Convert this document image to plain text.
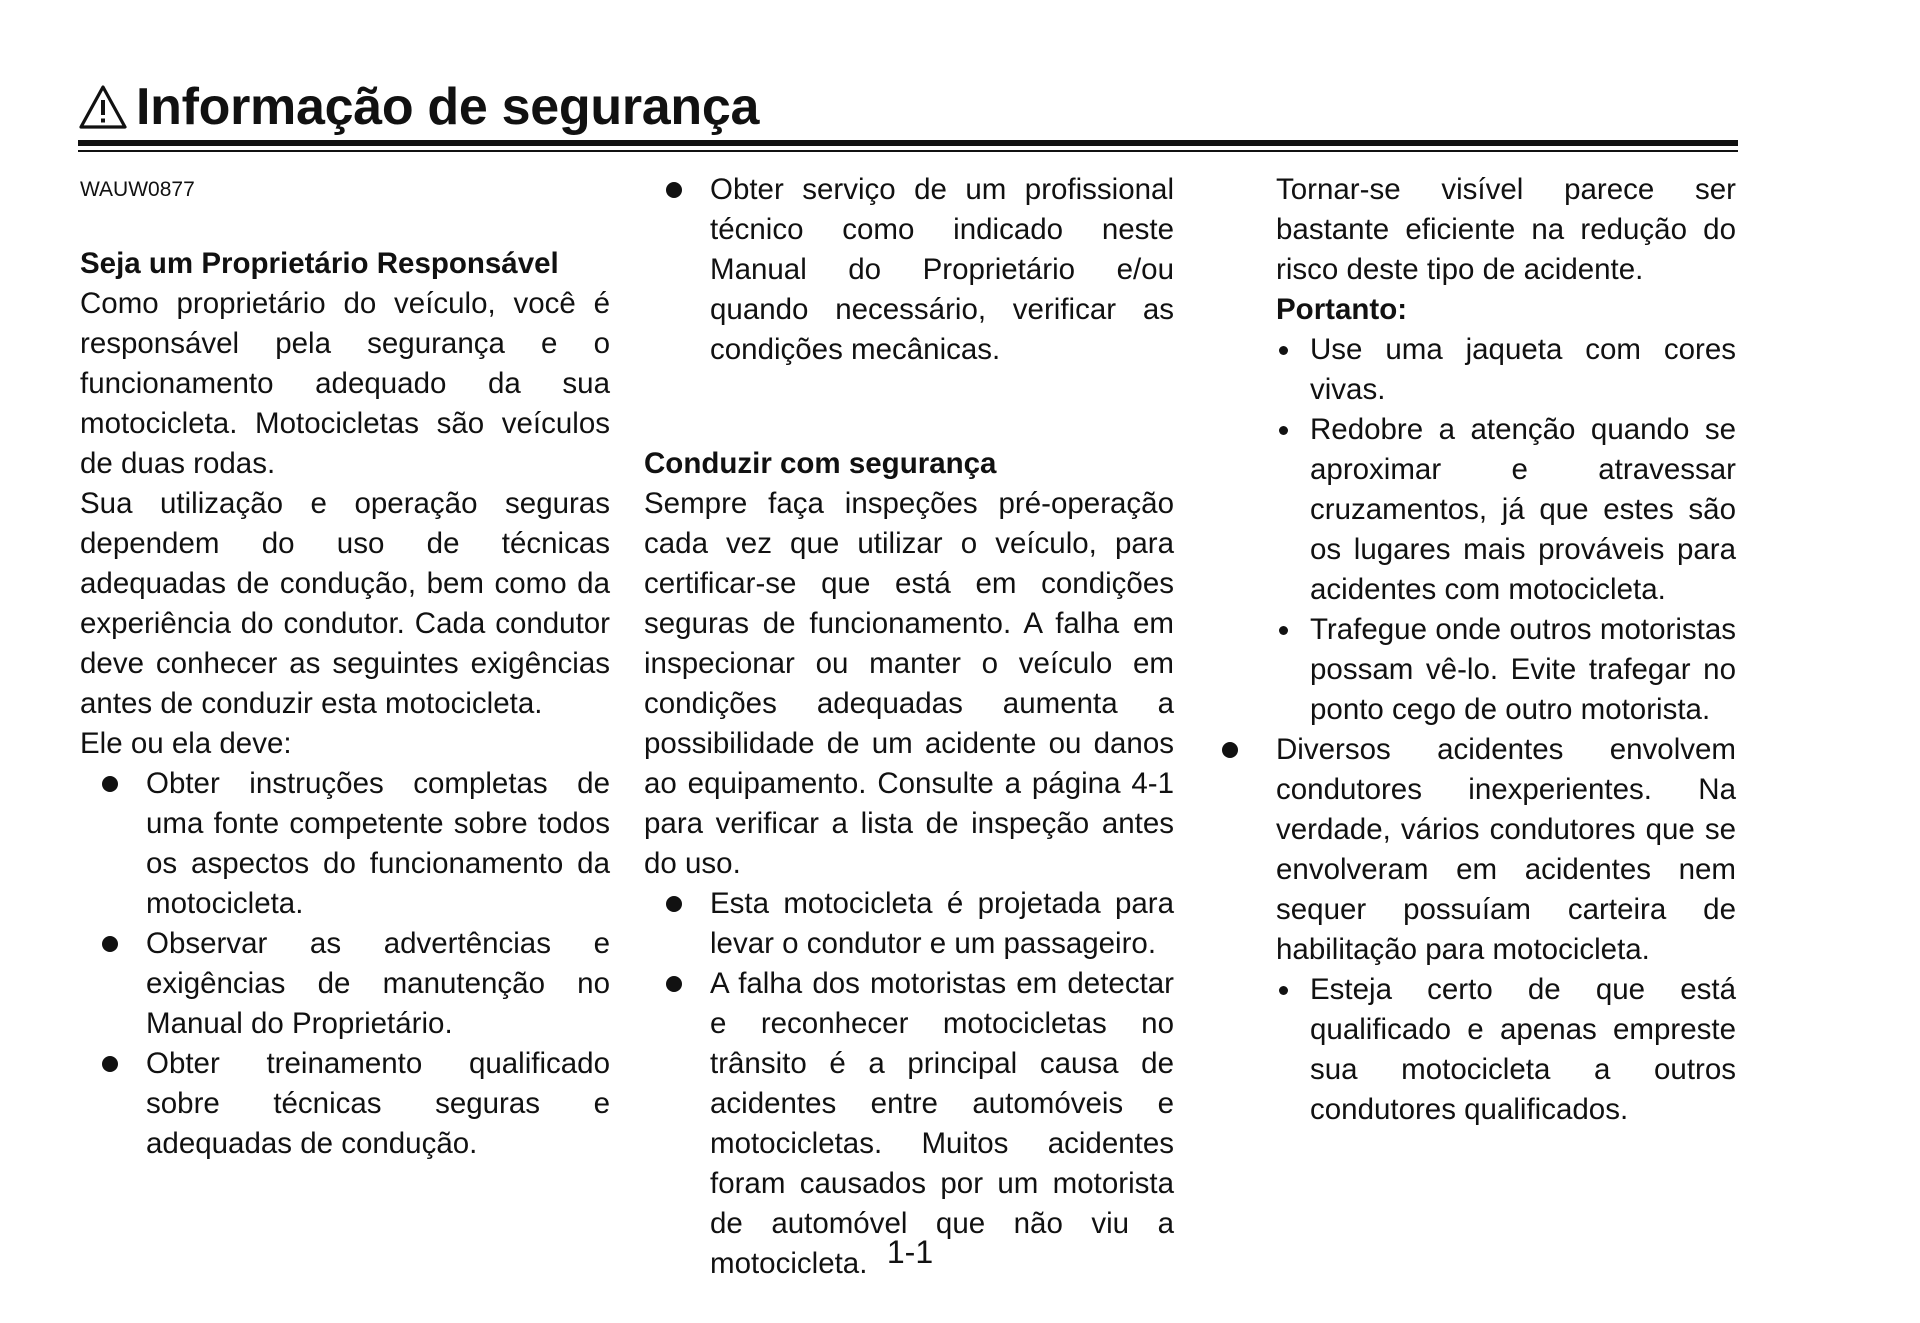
Informação de segurança

WAUW0877

Seja um Proprietário Responsável

Como proprietário do veículo, você é responsável pela segurança e o funcionamento adequado da sua motocicleta. Motocicletas são veículos de duas rodas.

Sua utilização e operação seguras dependem do uso de técnicas adequadas de condução, bem como da experiência do condutor. Cada condutor deve conhecer as seguintes exigências antes de conduzir esta motocicleta.

Ele ou ela deve:

Obter instruções completas de uma fonte competente sobre todos os aspectos do funcionamento da motocicleta.
Observar as advertências e exigências de manutenção no Manual do Proprietário.
Obter treinamento qualificado sobre técnicas seguras e adequadas de condução.
Obter serviço de um profissional técnico como indicado neste Manual do Proprietário e/ou quando necessário, verificar as condições mecânicas.

Conduzir com segurança

Sempre faça inspeções pré-operação cada vez que utilizar o veículo, para certificar-se que está em condições seguras de funcionamento. A falha em inspecionar ou manter o veículo em condições adequadas aumenta a possibilidade de um acidente ou danos ao equipamento. Consulte a página 4-1 para verificar a lista de inspeção antes do uso.

Esta motocicleta é projetada para levar o condutor e um passageiro.
A falha dos motoristas em detectar e reconhecer motocicletas no trânsito é a principal causa de acidentes entre automóveis e motocicletas. Muitos acidentes foram causados por um motorista de automóvel que não viu a motocicleta.

Tornar-se visível parece ser bastante eficiente na redução do risco deste tipo de acidente.

Portanto:

Use uma jaqueta com cores vivas.
Redobre a atenção quando se aproximar e atravessar cruzamentos, já que estes são os lugares mais prováveis para acidentes com motocicleta.
Trafegue onde outros motoristas possam vê-lo. Evite trafegar no ponto cego de outro motorista.
Diversos acidentes envolvem condutores inexperientes. Na verdade, vários condutores que se envolveram em acidentes nem sequer possuíam carteira de habilitação para motocicleta.
Esteja certo de que está qualificado e apenas empreste sua motocicleta a outros condutores qualificados.
1-1
